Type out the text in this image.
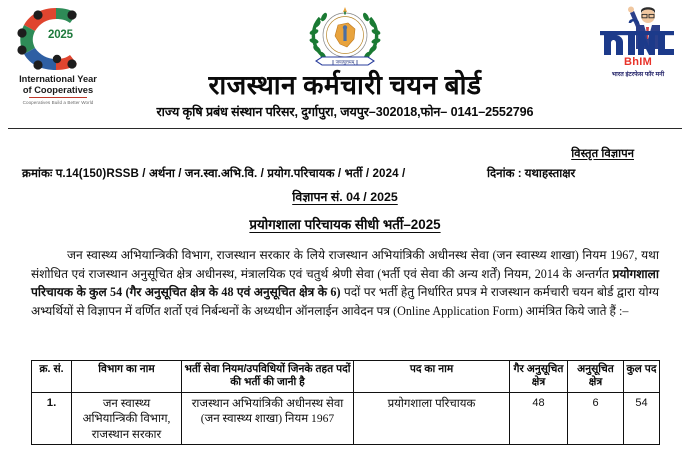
2025
International Year
of Cooperatives
Cooperatives Build a Better World
|| जयत्युत्तमम् ||	BhIM
भारत इंटरफेस फॉर मनी
राजस्थान कर्मचारी चयन बोर्ड
राज्य कृषि प्रबंध संस्थान परिसर, दुर्गापुरा, जयपुर–302018,फोन– 0141–2552796
विस्तृत विज्ञापन
क्रमांकः प.14(150)RSSB / अर्थना / जन.स्वा.अभि.वि. / प्रयोग.परिचायक / भर्ती / 2024 /	दिनांक : यथाहस्ताक्षर
विज्ञापन सं. 04 / 2025
प्रयोगशाला परिचायक सीधी भर्ती–2025

जन स्वास्थ्य अभियान्त्रिकी विभाग, राजस्थान सरकार के लिये राजस्थान अभियांत्रिकी अधीनस्थ सेवा (जन स्वास्थ्य शाखा) नियम 1967, यथा संशोधित एवं राजस्थान अनुसूचित क्षेत्र अधीनस्थ, मंत्रालयिक एवं चतुर्थ श्रेणी सेवा (भर्ती एवं सेवा की अन्य शर्तें) नियम, 2014 के अन्तर्गत प्रयोगशाला परिचायक के कुल 54 (गैर अनुसूचित क्षेत्र के 48 एवं अनुसूचित क्षेत्र के 6) पदों पर भर्ती हेतु निर्धारित प्रपत्र मे राजस्थान कर्मचारी चयन बोर्ड द्वारा योग्य अभ्यर्थियों से विज्ञापन में वर्णित शर्तो एवं निर्बन्धनों के अध्यधीन ऑनलाईन आवेदन पत्र (Online Application Form) आमंत्रित किये जाते हैं :–

क्र. सं.	विभाग का नाम	भर्ती सेवा नियम/उपविधियों जिनके तहत पदों की भर्ती की जानी है	पद का नाम	गैर अनुसूचित क्षेत्र	अनुसूचित क्षेत्र	कुल पद
1.	जन स्वास्थ्य अभियान्त्रिकी विभाग, राजस्थान सरकार	राजस्थान अभियांत्रिकी अधीनस्थ सेवा (जन स्वास्थ्य शाखा) नियम 1967	प्रयोगशाला परिचायक	48	6	54
